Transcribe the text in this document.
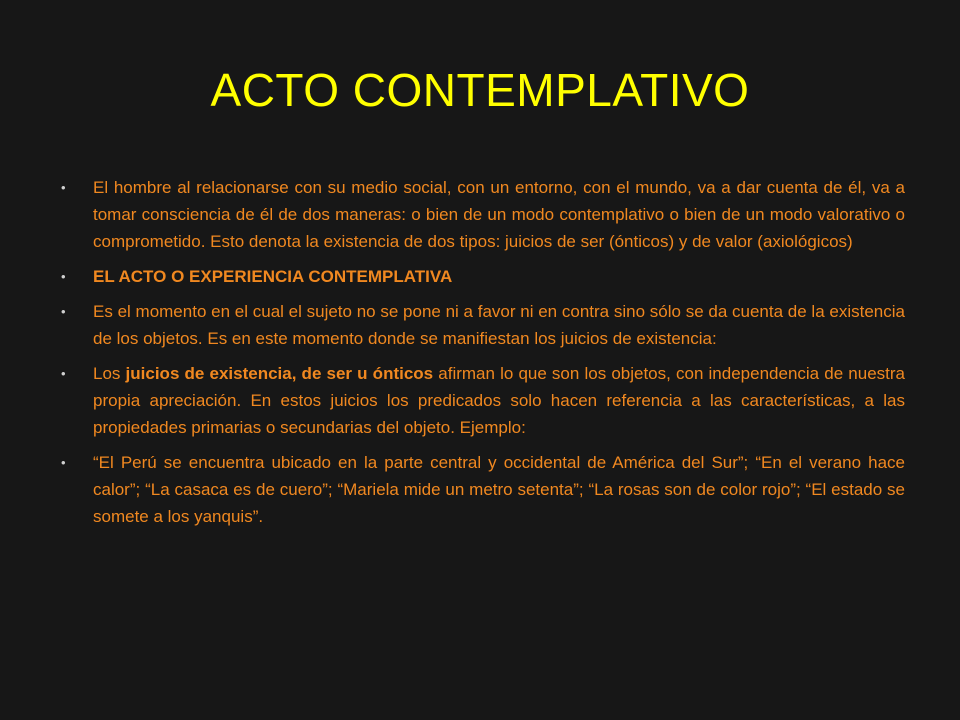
ACTO CONTEMPLATIVO
• El hombre al relacionarse con su medio social, con un entorno, con el mundo, va a dar cuenta de él, va a tomar consciencia de él de dos maneras: o bien de un modo contemplativo o bien de un modo valorativo o comprometido. Esto denota la existencia de dos tipos: juicios de ser (ónticos) y de valor (axiológicos)
• EL ACTO O EXPERIENCIA CONTEMPLATIVA
• Es el momento en el cual el sujeto no se pone ni a favor ni en contra sino sólo se da cuenta de la existencia de los objetos. Es en este momento donde se manifiestan los juicios de existencia:
• Los juicios de existencia, de ser u ónticos afirman lo que son los objetos, con independencia de nuestra propia apreciación. En estos juicios los predicados solo hacen referencia a las características, a las propiedades primarias o secundarias del objeto. Ejemplo:
• “El Perú se encuentra ubicado en la parte central y occidental de América del Sur”; “En el verano hace calor”; “La casaca es de cuero”; “Mariela mide un metro setenta”; “La rosas son de color rojo”; “El estado se somete a los yanquis”.
